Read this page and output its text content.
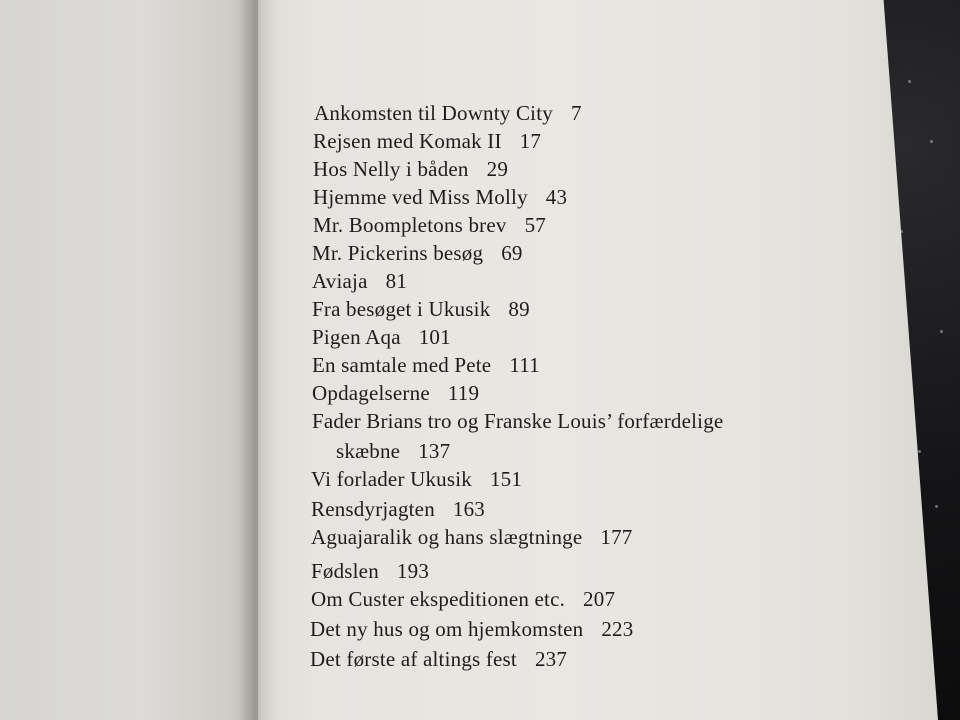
Ankomsten til Downty City 7
Rejsen med Komak II 17
Hos Nelly i båden 29
Hjemme ved Miss Molly 43
Mr. Boompletons brev 57
Mr. Pickerins besøg 69
Aviaja 81
Fra besøget i Ukusik 89
Pigen Aqa 101
En samtale med Pete 111
Opdagelserne 119
Fader Brians tro og Franske Louis’ forfærdelige
skæbne 137
Vi forlader Ukusik 151
Rensdyrjagten 163
Aguajaralik og hans slægtninge 177
Fødslen 193
Om Custer ekspeditionen etc. 207
Det ny hus og om hjemkomsten 223
Det første af altings fest 237
